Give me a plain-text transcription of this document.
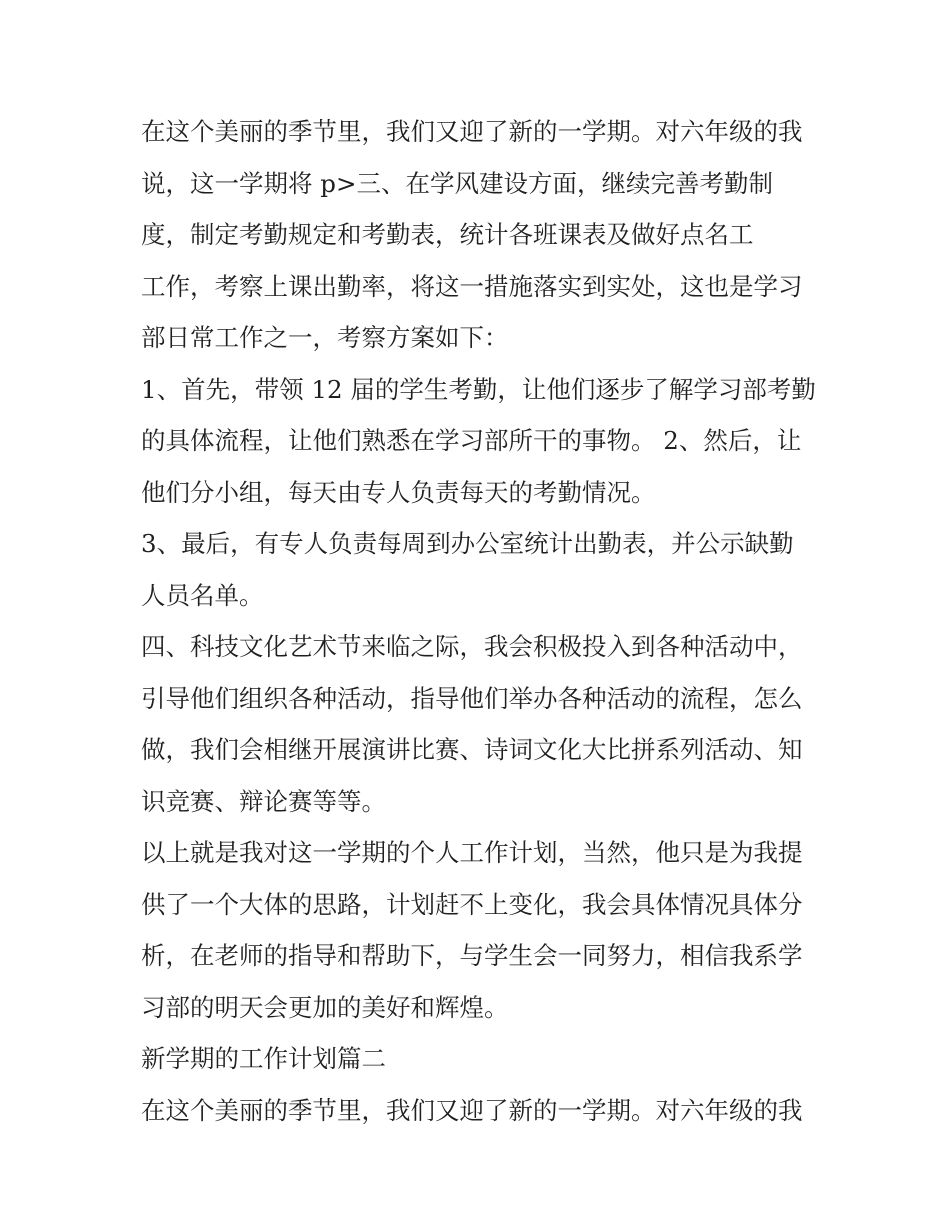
在这个美丽的季节里，我们又迎了新的一学期。对六年级的我
说，这一学期将 p>三、在学风建设方面，继续完善考勤制
度，制定考勤规定和考勤表，统计各班课表及做好点名工
工作，考察上课出勤率，将这一措施落实到实处，这也是学习
部日常工作之一，考察方案如下：
1、首先，带领 12 届的学生考勤，让他们逐步了解学习部考勤
的具体流程，让他们熟悉在学习部所干的事物。 2、然后，让
他们分小组，每天由专人负责每天的考勤情况。
3、最后，有专人负责每周到办公室统计出勤表，并公示缺勤
人员名单。
四、科技文化艺术节来临之际，我会积极投入到各种活动中，
引导他们组织各种活动，指导他们举办各种活动的流程，怎么
做，我们会相继开展演讲比赛、诗词文化大比拼系列活动、知
识竞赛、辩论赛等等。
以上就是我对这一学期的个人工作计划，当然，他只是为我提
供了一个大体的思路，计划赶不上变化，我会具体情况具体分
析，在老师的指导和帮助下，与学生会一同努力，相信我系学
习部的明天会更加的美好和辉煌。
新学期的工作计划篇二
在这个美丽的季节里，我们又迎了新的一学期。对六年级的我
